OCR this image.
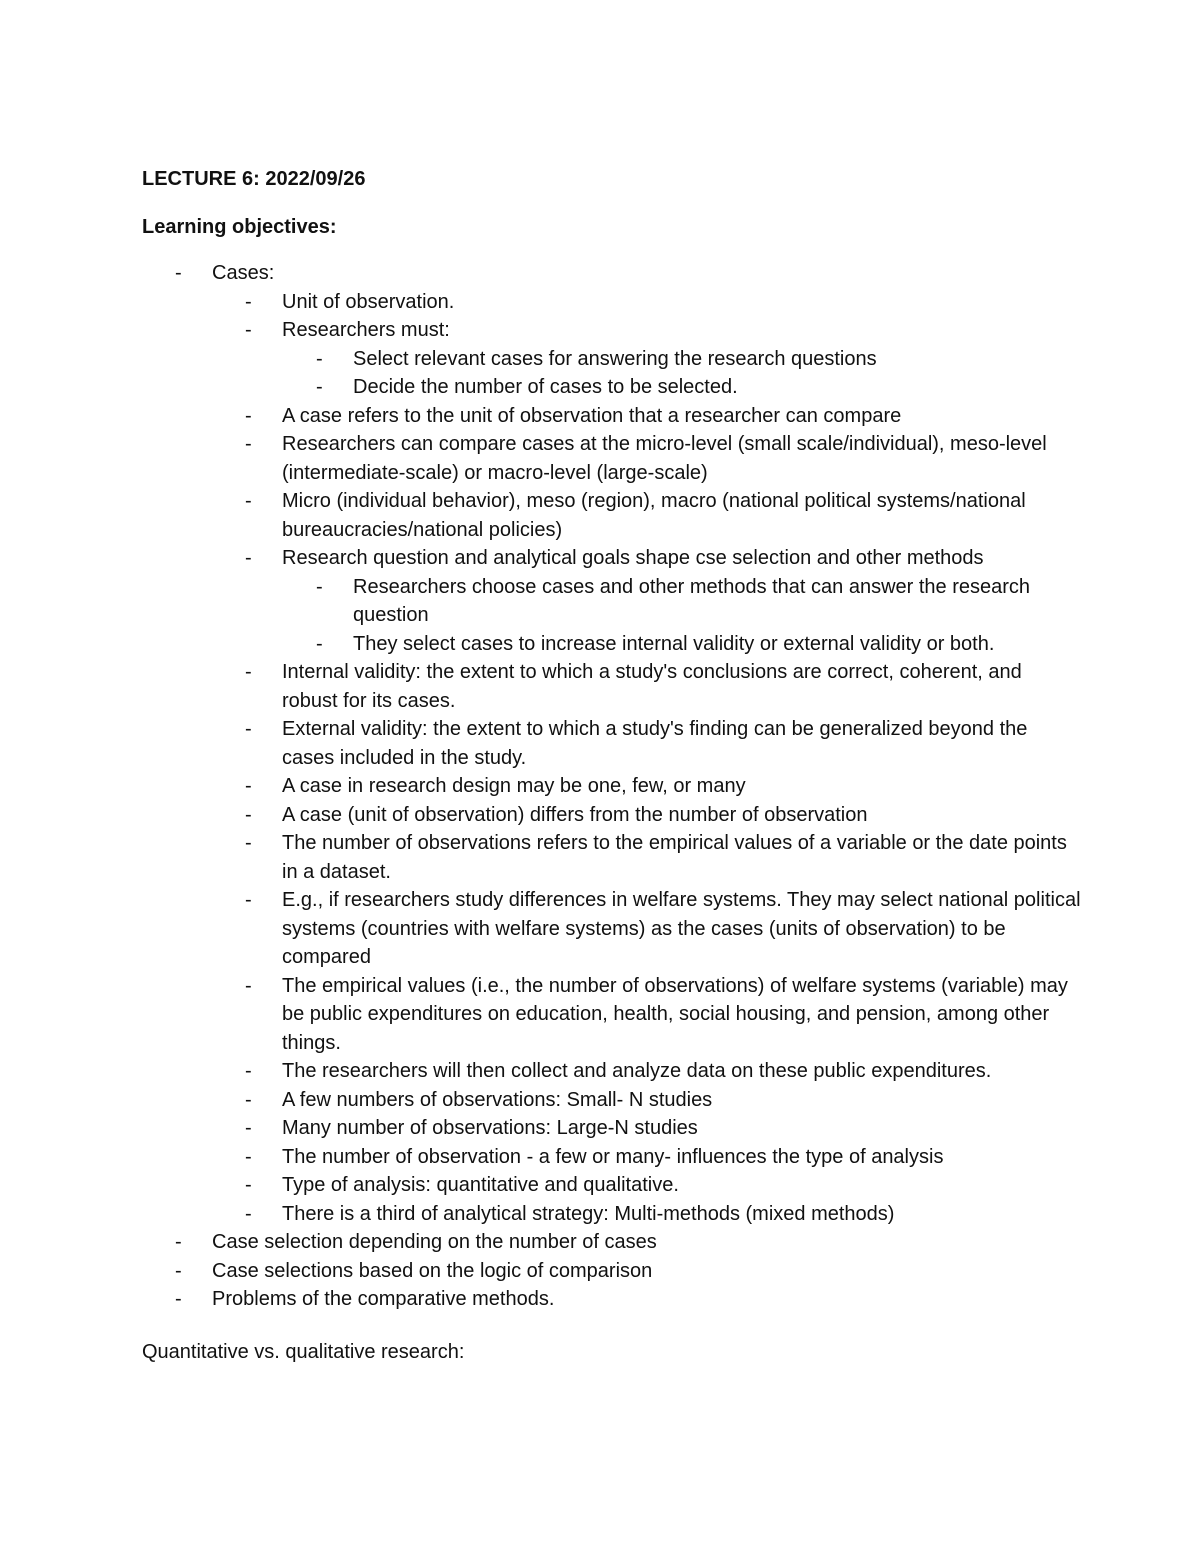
LECTURE 6: 2022/09/26

Learning objectives:

- Cases:
- Unit of observation.
- Researchers must:
- Select relevant cases for answering the research questions
- Decide the number of cases to be selected.
- A case refers to the unit of observation that a researcher can compare
- Researchers can compare cases at the micro-level (small scale/individual), meso-level (intermediate-scale) or macro-level (large-scale)
- Micro (individual behavior), meso (region), macro (national political systems/national bureaucracies/national policies)
- Research question and analytical goals shape cse selection and other methods
- Researchers choose cases and other methods that can answer the research question
- They select cases to increase internal validity or external validity or both.
- Internal validity: the extent to which a study's conclusions are correct, coherent, and robust for its cases.
- External validity: the extent to which a study's finding can be generalized beyond the cases included in the study.
- A case in research design may be one, few, or many
- A case (unit of observation) differs from the number of observation
- The number of observations refers to the empirical values of a variable or the date points in a dataset.
- E.g., if researchers study differences in welfare systems. They may select national political systems (countries with welfare systems) as the cases (units of observation) to be compared
- The empirical values (i.e., the number of observations) of welfare systems (variable) may be public expenditures on education, health, social housing, and pension, among other things.
- The researchers will then collect and analyze data on these public expenditures.
- A few numbers of observations: Small- N studies
- Many number of observations: Large-N studies
- The number of observation - a few or many- influences the type of analysis
- Type of analysis: quantitative and qualitative.
- There is a third of analytical strategy: Multi-methods (mixed methods)
- Case selection depending on the number of cases
- Case selections based on the logic of comparison
- Problems of the comparative methods.

Quantitative vs. qualitative research:
